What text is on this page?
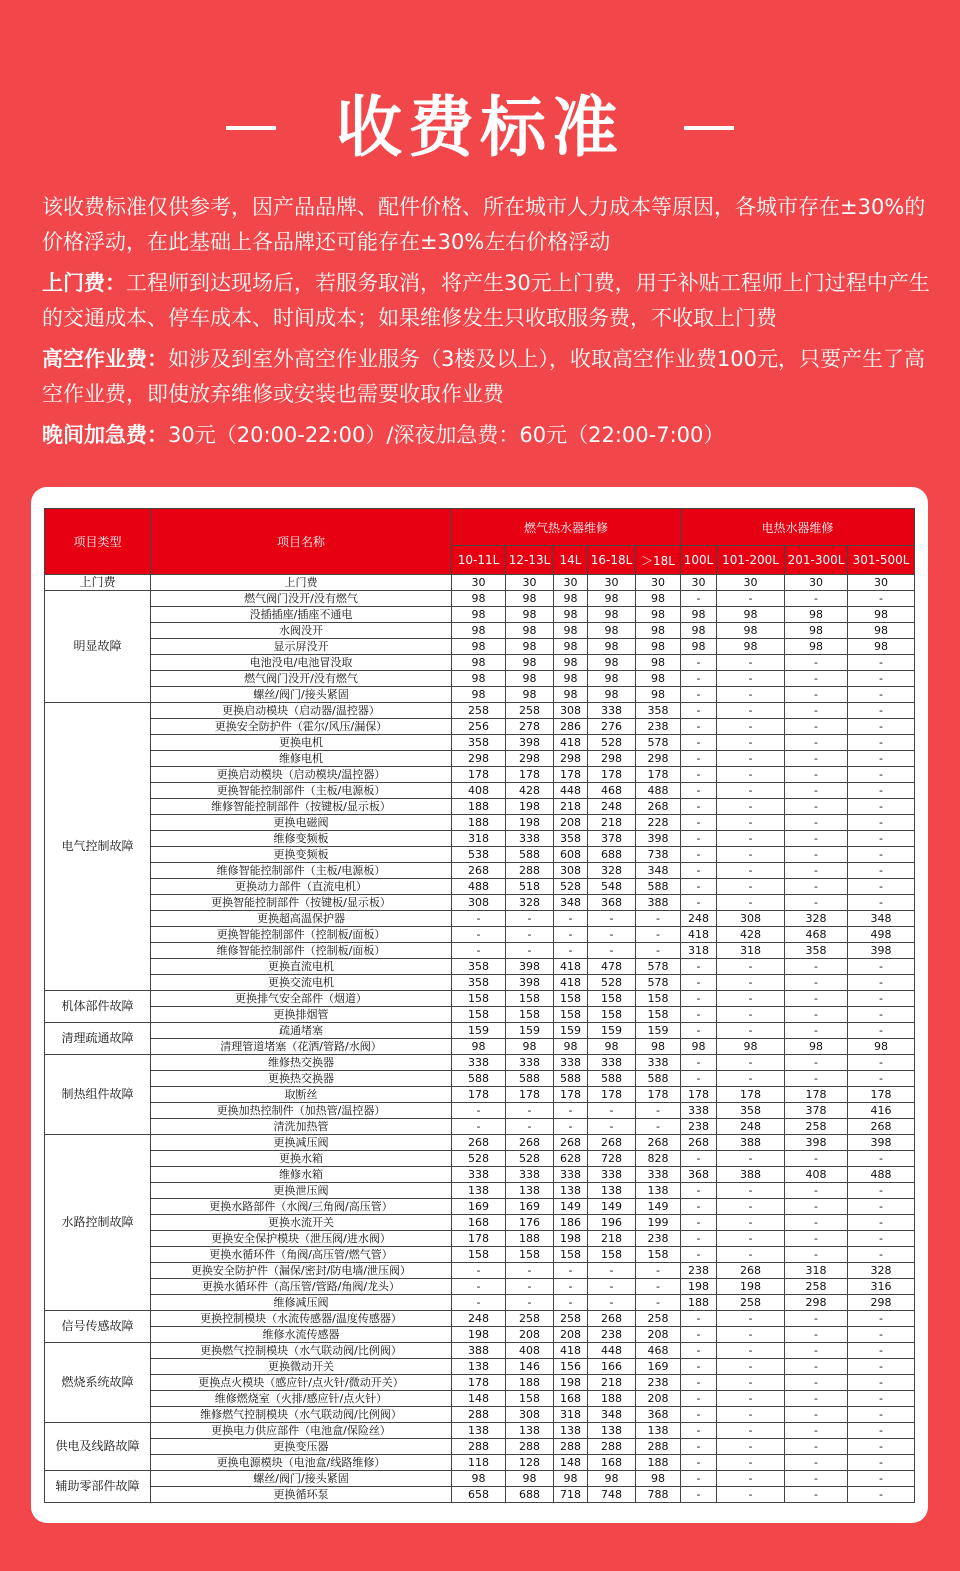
收费标准

该收费标准仅供参考，因产品品牌、配件价格、所在城市人力成本等原因，各城市存在±30%的价格浮动，在此基础上各品牌还可能存在±30%左右价格浮动

上门费：工程师到达现场后，若服务取消，将产生30元上门费，用于补贴工程师上门过程中产生的交通成本、停车成本、时间成本；如果维修发生只收取服务费，不收取上门费

高空作业费：如涉及到室外高空作业服务（3楼及以上），收取高空作业费100元，只要产生了高空作业费，即使放弃维修或安装也需要收取作业费

晚间加急费：30元（20:00-22:00）/深夜加急费：60元（22:00-7:00）

项目类型	项目名称	燃气热水器维修					电热水器维修			
		10-11L	12-13L	14L	16-18L	＞18L	100L	101-200L	201-300L	301-500L
上门费	上门费	30	30	30	30	30	30	30	30	30
明显故障	燃气阀门没开/没有燃气	98	98	98	98	98	-	-	-	-
	没插插座/插座不通电	98	98	98	98	98	98	98	98	98
	水阀没开	98	98	98	98	98	98	98	98	98
	显示屏没开	98	98	98	98	98	98	98	98	98
	电池没电/电池冒没取	98	98	98	98	98	-	-	-	-
	燃气阀门没开/没有燃气	98	98	98	98	98	-	-	-	-
	螺丝/阀门/接头紧固	98	98	98	98	98	-	-	-	-
电气控制故障	更换启动模块（启动器/温控器）	258	258	308	338	358	-	-	-	-
	更换安全防护件（霍尔/风压/漏保）	256	278	286	276	238	-	-	-	-
	更换电机	358	398	418	528	578	-	-	-	-
	维修电机	298	298	298	298	298	-	-	-	-
	更换启动模块（启动模块/温控器）	178	178	178	178	178	-	-	-	-
	更换智能控制部件（主板/电源板）	408	428	448	468	488	-	-	-	-
	维修智能控制部件（按键板/显示板）	188	198	218	248	268	-	-	-	-
	更换电磁阀	188	198	208	218	228	-	-	-	-
	维修变频板	318	338	358	378	398	-	-	-	-
	更换变频板	538	588	608	688	738	-	-	-	-
	维修智能控制部件（主板/电源板）	268	288	308	328	348	-	-	-	-
	更换动力部件（直流电机）	488	518	528	548	588	-	-	-	-
	更换智能控制部件（按键板/显示板）	308	328	348	368	388	-	-	-	-
	更换超高温保护器	-	-	-	-	-	248	308	328	348
	更换智能控制部件（控制板/面板）	-	-	-	-	-	418	428	468	498
	维修智能控制部件（控制板/面板）	-	-	-	-	-	318	318	358	398
	更换直流电机	358	398	418	478	578	-	-	-	-
	更换交流电机	358	398	418	528	578	-	-	-	-
机体部件故障	更换排气安全部件（烟道）	158	158	158	158	158	-	-	-	-
	更换排烟管	158	158	158	158	158	-	-	-	-
清理疏通故障	疏通堵塞	159	159	159	159	159	-	-	-	-
	清理管道堵塞（花洒/管路/水阀）	98	98	98	98	98	98	98	98	98
制热组件故障	维修热交换器	338	338	338	338	338	-	-	-	-
	更换热交换器	588	588	588	588	588	-	-	-	-
	取断丝	178	178	178	178	178	178	178	178	178
	更换加热控制件（加热管/温控器）	-	-	-	-	-	338	358	378	416
	清洗加热管	-	-	-	-	-	238	248	258	268
水路控制故障	更换减压阀	268	268	268	268	268	268	388	398	398
	更换水箱	528	528	628	728	828	-	-	-	-
	维修水箱	338	338	338	338	338	368	388	408	488
	更换泄压阀	138	138	138	138	138	-	-	-	-
	更换水路部件（水阀/三角阀/高压管）	169	169	149	149	149	-	-	-	-
	更换水流开关	168	176	186	196	199	-	-	-	-
	更换安全保护模块（泄压阀/进水阀）	178	188	198	218	238	-	-	-	-
	更换水循环件（角阀/高压管/燃气管）	158	158	158	158	158	-	-	-	-
	更换安全防护件（漏保/密封/防电墙/泄压阀）	-	-	-	-	-	238	268	318	328
	更换水循环件（高压管/管路/角阀/龙头）	-	-	-	-	-	198	198	258	316
	维修减压阀	-	-	-	-	-	188	258	298	298
信号传感故障	更换控制模块（水流传感器/温度传感器）	248	258	258	268	258	-	-	-	-
	维修水流传感器	198	208	208	238	208	-	-	-	-
燃烧系统故障	更换燃气控制模块（水气联动阀/比例阀）	388	408	418	448	468	-	-	-	-
	更换微动开关	138	146	156	166	169	-	-	-	-
	更换点火模块（感应针/点火针/微动开关）	178	188	198	218	238	-	-	-	-
	维修燃烧室（火排/感应针/点火针）	148	158	168	188	208	-	-	-	-
	维修燃气控制模块（水气联动阀/比例阀）	288	308	318	348	368	-	-	-	-
供电及线路故障	更换电力供应部件（电池盒/保险丝）	138	138	138	138	138	-	-	-	-
	更换变压器	288	288	288	288	288	-	-	-	-
	更换电源模块（电池盒/线路维修）	118	128	148	168	188	-	-	-	-
辅助零部件故障	螺丝/阀门/接头紧固	98	98	98	98	98	-	-	-	-
	更换循环泵	658	688	718	748	788	-	-	-	-
